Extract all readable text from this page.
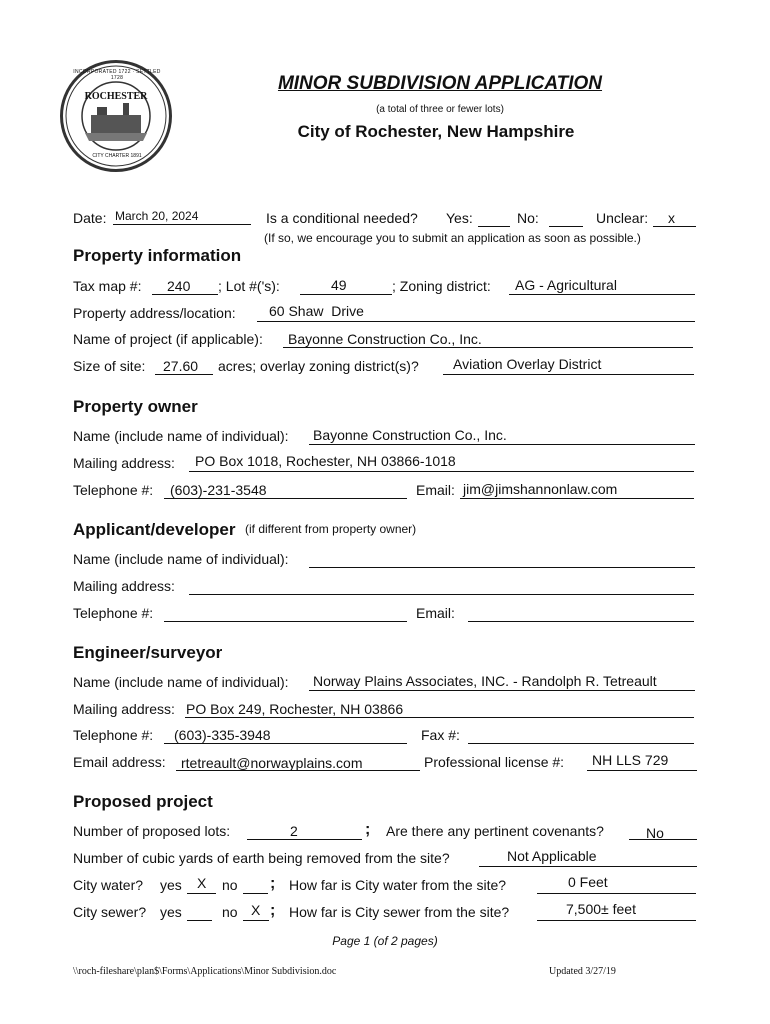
ROCHESTER
INCORPORATED 1722 · SETTLED 1728
CITY CHARTER 1891
MINOR SUBDIVISION APPLICATION
(a total of three or fewer lots)
City of Rochester, New Hampshire
Date: March 20, 2024	Is a conditional needed? Yes:	No:	Unclear: x
(If so, we encourage you to submit an application as soon as possible.)
Property information
Tax map #: 240 ; Lot #('s):	49	; Zoning district: AG - Agricultural
Property address/location: 60 Shaw  Drive
Name of project (if applicable): Bayonne Construction Co., Inc.
Size of site: 27.60 acres; overlay zoning district(s)? Aviation Overlay District
Property owner
Name (include name of individual): Bayonne Construction Co., Inc.
Mailing address: PO Box 1018, Rochester, NH 03866-1018
Telephone #: (603)-231-3548	Email: jim@jimshannonlaw.com
Applicant/developer (if different from property owner)
Name (include name of individual):
Mailing address:
Telephone #:	Email:
Engineer/surveyor
Name (include name of individual): Norway Plains Associates, INC. - Randolph R. Tetreault
Mailing address: PO Box 249, Rochester, NH 03866
Telephone #: (603)-335-3948	Fax #:
Email address: rtetreault@norwayplains.com	Professional license #: NH LLS 729
Proposed project
Number of proposed lots:	2	; Are there any pertinent covenants?	No
Number of cubic yards of earth being removed from the site?	Not Applicable
City water? yes X no ; How far is City water from the site?	0 Feet
City sewer? yes	no X ; How far is City sewer from the site?	7,500± feet
Page 1 (of 2 pages)
\\roch-fileshare\plan$\Forms\Applications\Minor Subdivision.doc	Updated 3/27/19
